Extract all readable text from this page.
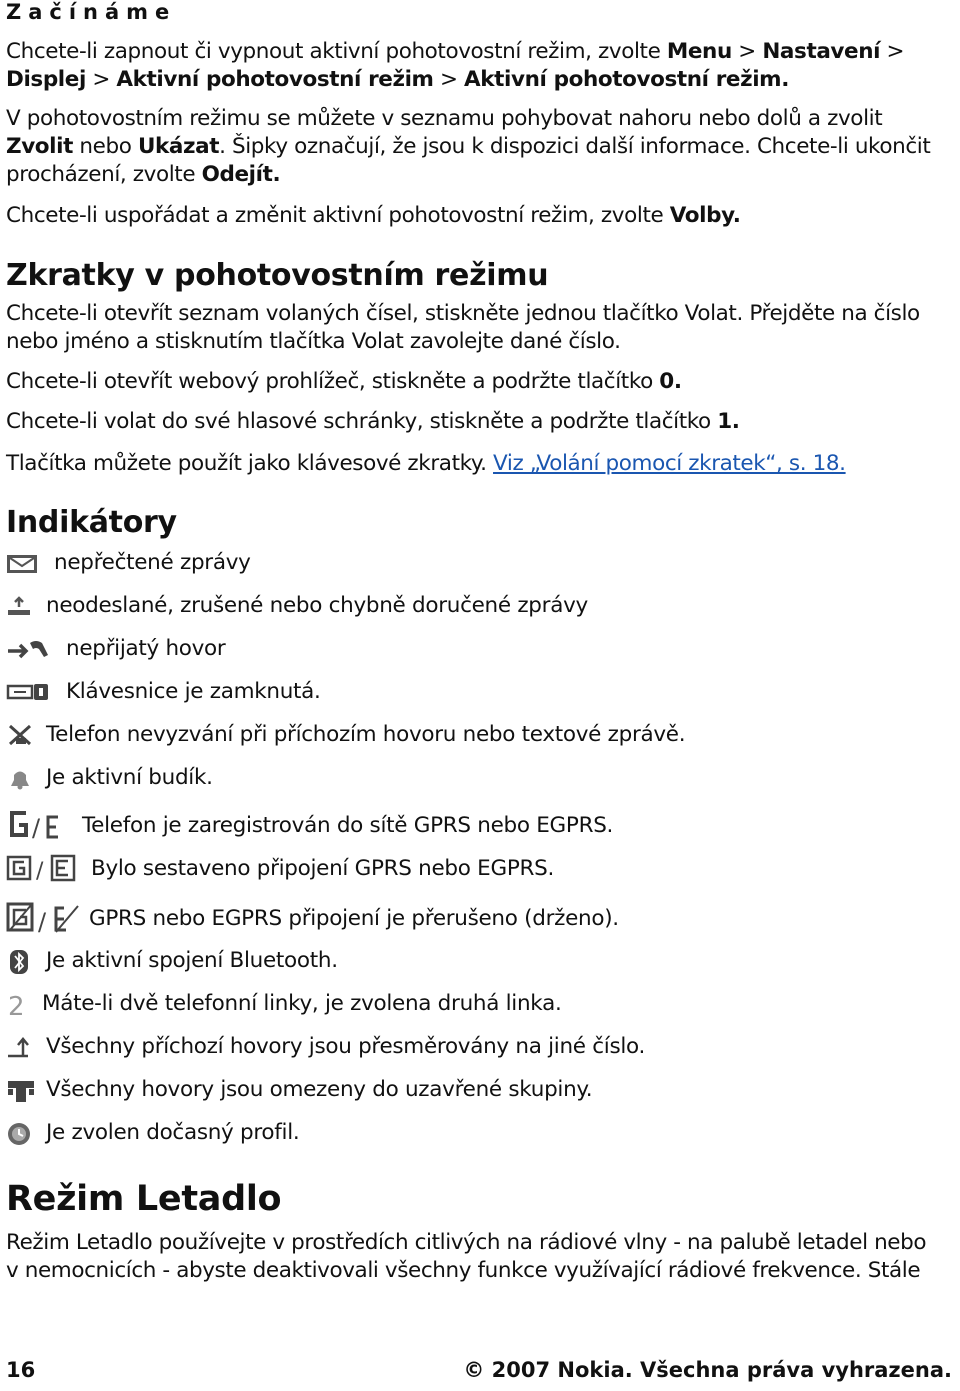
Začínáme
Chcete-li zapnout či vypnout aktivní pohotovostní režim, zvolte Menu > Nastavení >
Displej > Aktivní pohotovostní režim > Aktivní pohotovostní režim.
V pohotovostním režimu se můžete v seznamu pohybovat nahoru nebo dolů a zvolit
Zvolit nebo Ukázat. Šipky označují, že jsou k dispozici další informace. Chcete-li ukončit
procházení, zvolte Odejít.
Chcete-li uspořádat a změnit aktivní pohotovostní režim, zvolte Volby.
Zkratky v pohotovostním režimu
Chcete-li otevřít seznam volaných čísel, stiskněte jednou tlačítko Volat. Přejděte na číslo
nebo jméno a stisknutím tlačítka Volat zavolejte dané číslo.
Chcete-li otevřít webový prohlížeč, stiskněte a podržte tlačítko 0.
Chcete-li volat do své hlasové schránky, stiskněte a podržte tlačítko 1.
Tlačítka můžete použít jako klávesové zkratky. Viz „Volání pomocí zkratek“, s. 18.
Indikátory
nepřečtené zprávy
neodeslané, zrušené nebo chybně doručené zprávy
nepřijatý hovor
Klávesnice je zamknutá.
Telefon nevyzvání při příchozím hovoru nebo textové zprávě.
Je aktivní budík.
/ Telefon je zaregistrován do sítě GPRS nebo EGPRS.
/ Bylo sestaveno připojení GPRS nebo EGPRS.
/ GPRS nebo EGPRS připojení je přerušeno (drženo).
Je aktivní spojení Bluetooth.
2 Máte-li dvě telefonní linky, je zvolena druhá linka.
Všechny příchozí hovory jsou přesměrovány na jiné číslo.
Všechny hovory jsou omezeny do uzavřené skupiny.
Je zvolen dočasný profil.
Režim Letadlo
Režim Letadlo používejte v prostředích citlivých na rádiové vlny - na palubě letadel nebo
v nemocnicích - abyste deaktivovali všechny funkce využívající rádiové frekvence. Stále
16	© 2007 Nokia. Všechna práva vyhrazena.
